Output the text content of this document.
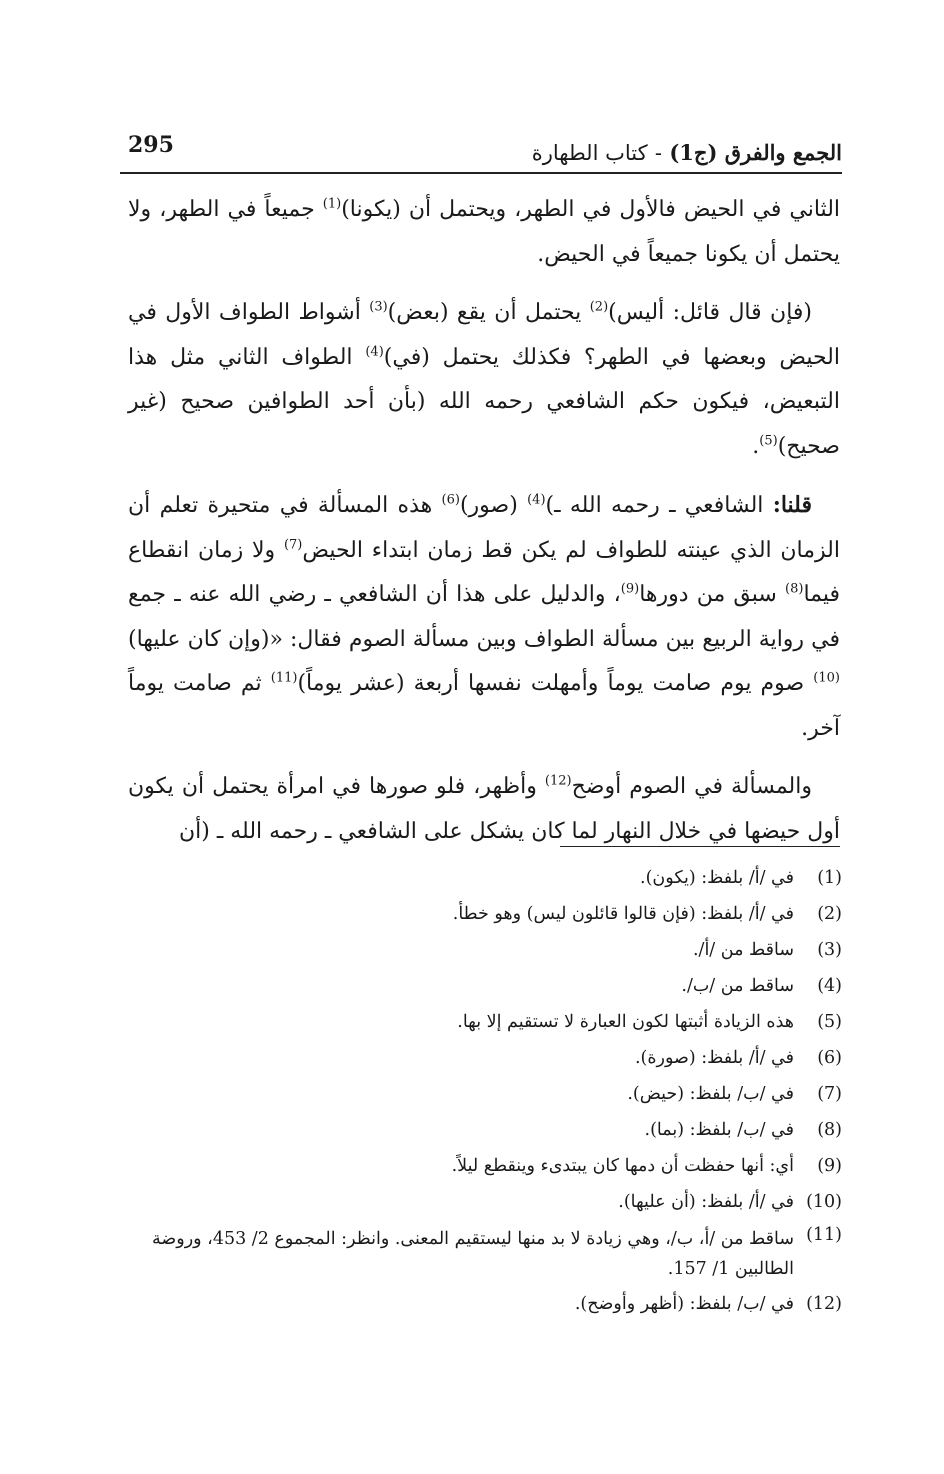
الجمع والفرق (ج1) - كتاب الطهارة
295

الثاني في الحيض فالأول في الطهر، ويحتمل أن (يكونا)$^{(1)}$ جميعاً في الطهر، ولا يحتمل أن يكونا جميعاً في الحيض.

(فإن قال قائل: أليس)$^{(2)}$ يحتمل أن يقع (بعض)$^{(3)}$ أشواط الطواف الأول في الحيض وبعضها في الطهر؟ فكذلك يحتمل (في)$^{(4)}$ الطواف الثاني مثل هذا التبعيض، فيكون حكم الشافعي رحمه الله (بأن أحد الطوافين صحيح (غير صحيح)$^{(5)}$.

قلنا: الشافعي ـ رحمه الله ـ)$^{(4)}$ (صور)$^{(6)}$ هذه المسألة في متحيرة تعلم أن الزمان الذي عينته للطواف لم يكن قط زمان ابتداء الحيض$^{(7)}$ ولا زمان انقطاع فيما$^{(8)}$ سبق من دورها$^{(9)}$، والدليل على هذا أن الشافعي ـ رضي الله عنه ـ جمع في رواية الربيع بين مسألة الطواف وبين مسألة الصوم فقال: «(وإن كان عليها)$^{(10)}$ صوم يوم صامت يوماً وأمهلت نفسها أربعة (عشر يوماً)$^{(11)}$ ثم صامت يوماً آخر.

والمسألة في الصوم أوضح$^{(12)}$ وأظهر، فلو صورها في امرأة يحتمل أن يكون أول حيضها في خلال النهار لما كان يشكل على الشافعي ـ رحمه الله ـ (أن

(1)
في /أ/ بلفظ: (يكون).

(2)
في /أ/ بلفظ: (فإن قالوا قائلون ليس) وهو خطأ.

(3)
ساقط من /أ/.

(4)
ساقط من /ب/.

(5)
هذه الزيادة أثبتها لكون العبارة لا تستقيم إلا بها.

(6)
في /أ/ بلفظ: (صورة).

(7)
في /ب/ بلفظ: (حيض).

(8)
في /ب/ بلفظ: (بما).

(9)
أي: أنها حفظت أن دمها كان يبتدىء وينقطع ليلاً.

(10)
في /أ/ بلفظ: (أن عليها).

(11)
ساقط من /أ، ب/، وهي زيادة لا بد منها ليستقيم المعنى. وانظر: المجموع 2/ 453، وروضة الطالبين 1/ 157.

(12)
في /ب/ بلفظ: (أظهر وأوضح).
